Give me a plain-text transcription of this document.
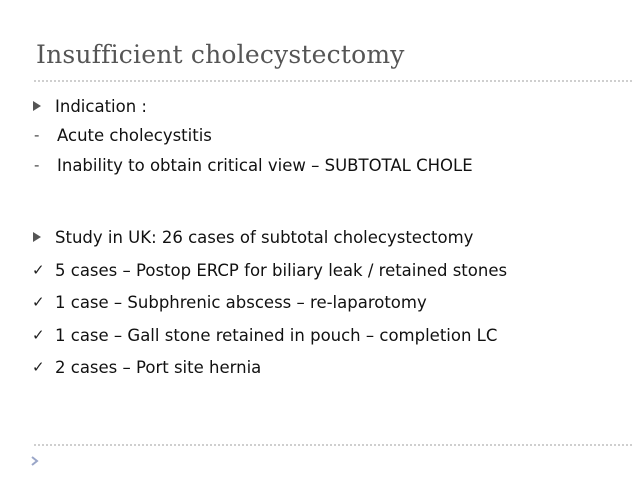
Insufficient cholecystectomy
Indication :
-	Acute cholecystitis
-	Inability to obtain critical view – SUBTOTAL CHOLE
Study in UK: 26 cases of subtotal cholecystectomy
✓ 5 cases – Postop ERCP for biliary leak / retained stones
✓ 1 case – Subphrenic abscess – re-laparotomy
✓ 1 case – Gall stone retained in pouch – completion LC
✓ 2 cases – Port site hernia
